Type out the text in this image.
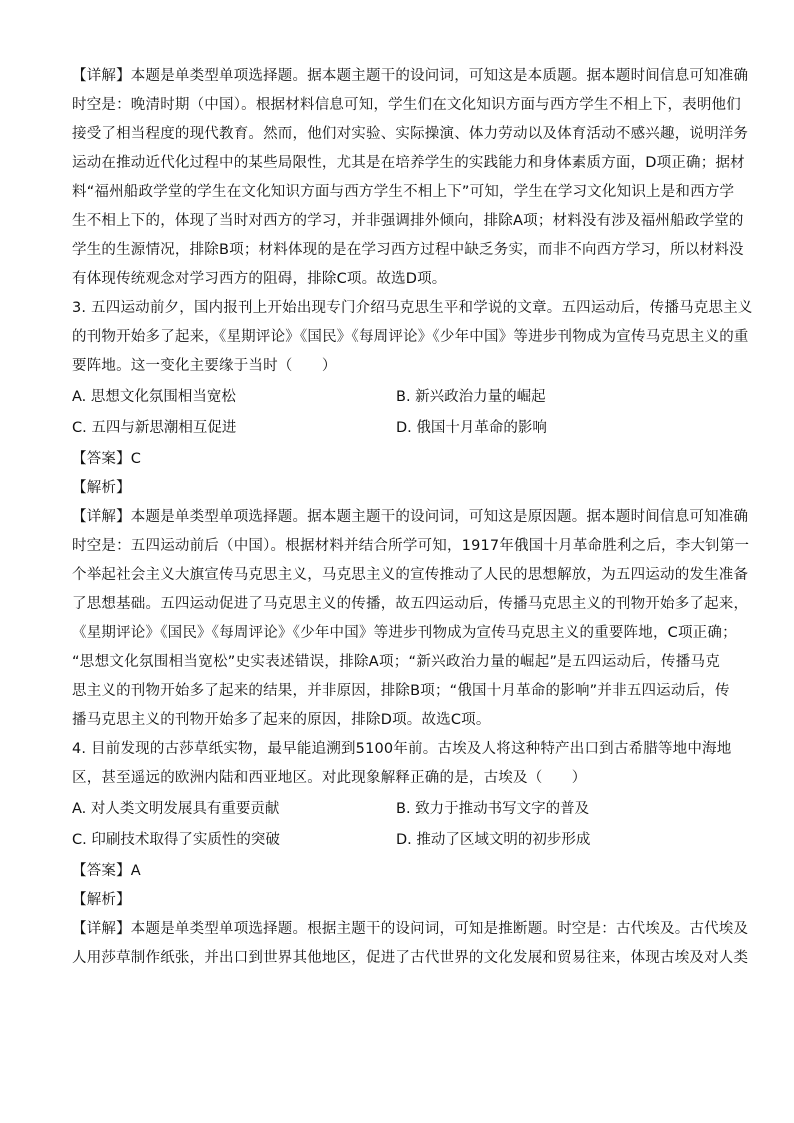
【详解】本题是单类型单项选择题。据本题主题干的设问词，可知这是本质题。据本题时间信息可知准确
时空是：晚清时期（中国）。根据材料信息可知，学生们在文化知识方面与西方学生不相上下，表明他们
接受了相当程度的现代教育。然而，他们对实验、实际操演、体力劳动以及体育活动不感兴趣，说明洋务
运动在推动近代化过程中的某些局限性，尤其是在培养学生的实践能力和身体素质方面，D项正确；据材
料“福州船政学堂的学生在文化知识方面与西方学生不相上下”可知，学生在学习文化知识上是和西方学
生不相上下的，体现了当时对西方的学习，并非强调排外倾向，排除A项；材料没有涉及福州船政学堂的
学生的生源情况，排除B项；材料体现的是在学习西方过程中缺乏务实，而非不向西方学习，所以材料没
有体现传统观念对学习西方的阻碍，排除C项。故选D项。
3. 五四运动前夕，国内报刊上开始出现专门介绍马克思生平和学说的文章。五四运动后，传播马克思主义
的刊物开始多了起来，《星期评论》《国民》《每周评论》《少年中国》等进步刊物成为宣传马克思主义的重
要阵地。这一变化主要缘于当时（　　）
A. 思想文化氛围相当宽松	B. 新兴政治力量的崛起
C. 五四与新思潮相互促进	D. 俄国十月革命的影响
【答案】C
【解析】
【详解】本题是单类型单项选择题。据本题主题干的设问词，可知这是原因题。据本题时间信息可知准确
时空是：五四运动前后（中国）。根据材料并结合所学可知，1917年俄国十月革命胜利之后，李大钊第一
个举起社会主义大旗宣传马克思主义，马克思主义的宣传推动了人民的思想解放，为五四运动的发生准备
了思想基础。五四运动促进了马克思主义的传播，故五四运动后，传播马克思主义的刊物开始多了起来，
《星期评论》《国民》《每周评论》《少年中国》等进步刊物成为宣传马克思主义的重要阵地，C项正确；
“思想文化氛围相当宽松”史实表述错误，排除A项；“新兴政治力量的崛起”是五四运动后，传播马克
思主义的刊物开始多了起来的结果，并非原因，排除B项；“俄国十月革命的影响”并非五四运动后，传
播马克思主义的刊物开始多了起来的原因，排除D项。故选C项。
4. 目前发现的古莎草纸实物，最早能追溯到5100年前。古埃及人将这种特产出口到古希腊等地中海地
区，甚至遥远的欧洲内陆和西亚地区。对此现象解释正确的是，古埃及（　　）
A. 对人类文明发展具有重要贡献	B. 致力于推动书写文字的普及
C. 印刷技术取得了实质性的突破	D. 推动了区域文明的初步形成
【答案】A
【解析】
【详解】本题是单类型单项选择题。根据主题干的设问词，可知是推断题。时空是：古代埃及。古代埃及
人用莎草制作纸张，并出口到世界其他地区，促进了古代世界的文化发展和贸易往来，体现古埃及对人类
